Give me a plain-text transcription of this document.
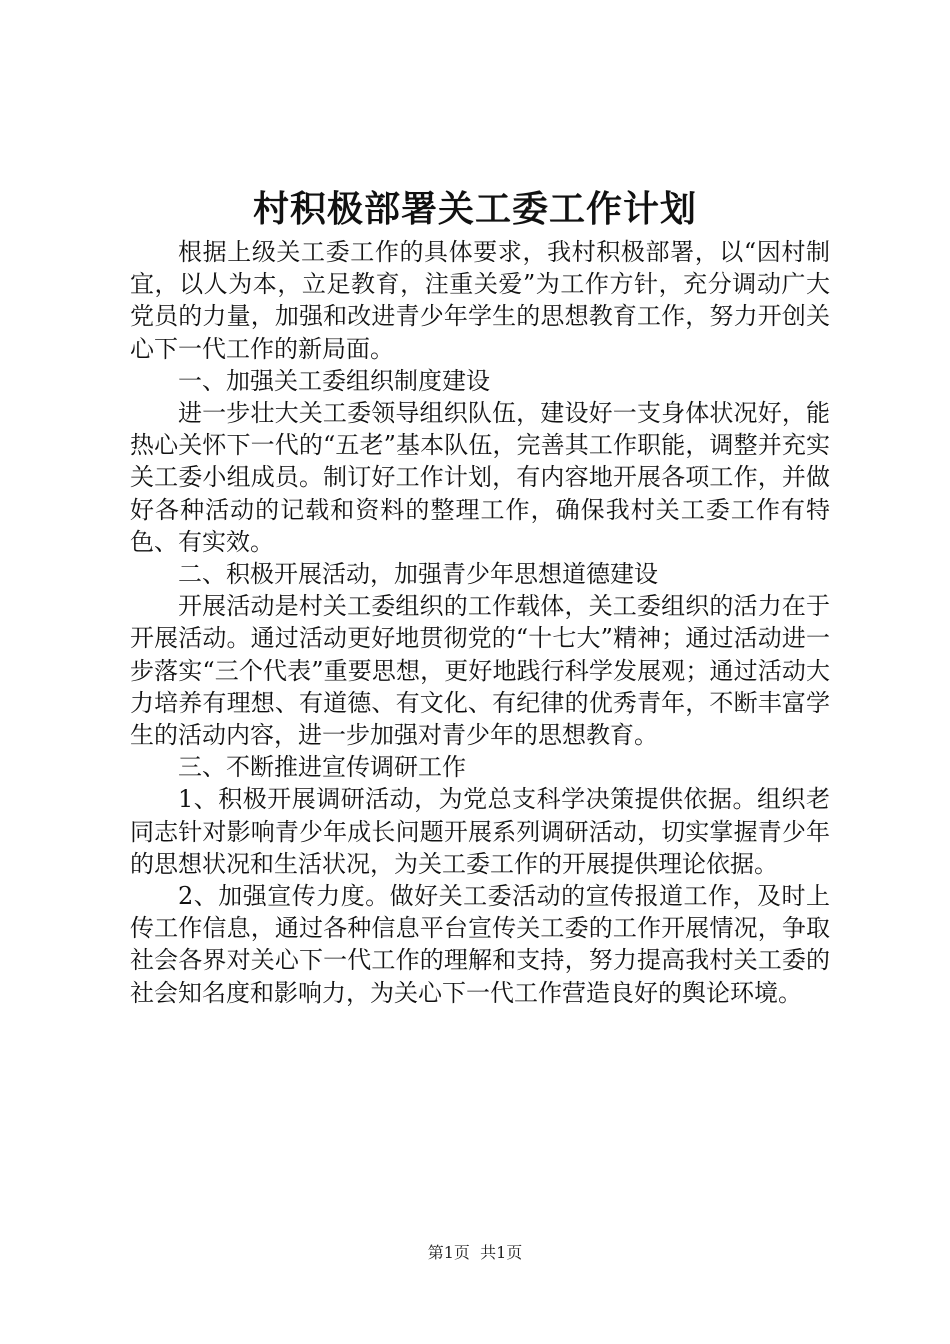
村积极部署关工委工作计划

根据上级关工委工作的具体要求，我村积极部署，以“因村制宜，以人为本，立足教育，注重关爱”为工作方针，充分调动广大党员的力量，加强和改进青少年学生的思想教育工作，努力开创关心下一代工作的新局面。

一、加强关工委组织制度建设

进一步壮大关工委领导组织队伍，建设好一支身体状况好，能热心关怀下一代的“五老”基本队伍，完善其工作职能，调整并充实关工委小组成员。制订好工作计划，有内容地开展各项工作，并做好各种活动的记载和资料的整理工作，确保我村关工委工作有特色、有实效。

二、积极开展活动，加强青少年思想道德建设

开展活动是村关工委组织的工作载体，关工委组织的活力在于开展活动。通过活动更好地贯彻党的“十七大”精神；通过活动进一步落实“三个代表”重要思想，更好地践行科学发展观；通过活动大力培养有理想、有道德、有文化、有纪律的优秀青年，不断丰富学生的活动内容，进一步加强对青少年的思想教育。

三、不断推进宣传调研工作

1、积极开展调研活动，为党总支科学决策提供依据。组织老同志针对影响青少年成长问题开展系列调研活动，切实掌握青少年的思想状况和生活状况，为关工委工作的开展提供理论依据。

2、加强宣传力度。做好关工委活动的宣传报道工作，及时上传工作信息，通过各种信息平台宣传关工委的工作开展情况，争取社会各界对关心下一代工作的理解和支持，努力提高我村关工委的社会知名度和影响力，为关心下一代工作营造良好的舆论环境。

第1页 共1页
